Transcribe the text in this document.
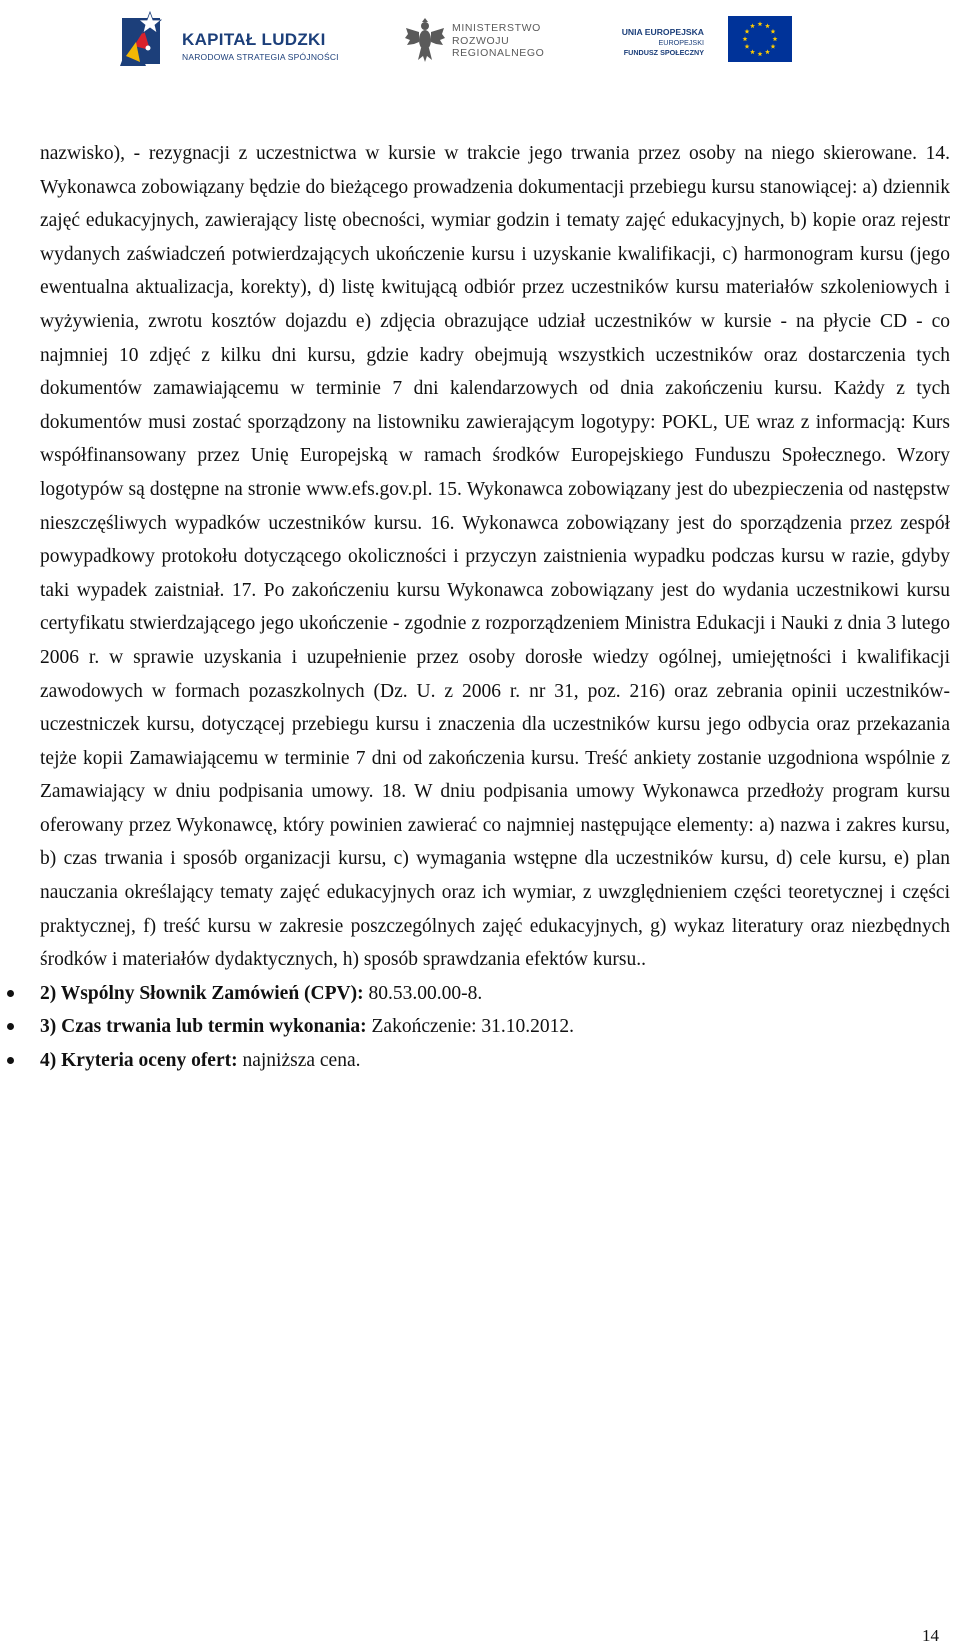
KAPITAŁ LUDZKI
NARODOWA STRATEGIA SPÓJNOŚCI
MINISTERSTWO
ROZWOJU
REGIONALNEGO
UNIA EUROPEJSKA
EUROPEJSKI
FUNDUSZ SPOŁECZNY

nazwisko), - rezygnacji z uczestnictwa w kursie w trakcie jego trwania przez osoby na niego skierowane. 14. Wykonawca zobowiązany będzie do bieżącego prowadzenia dokumentacji przebiegu kursu stanowiącej: a) dziennik zajęć edukacyjnych, zawierający listę obecności, wymiar godzin i tematy zajęć edukacyjnych, b) kopie oraz rejestr wydanych zaświadczeń potwierdzających ukończenie kursu i uzyskanie kwalifikacji, c) harmonogram kursu (jego ewentualna aktualizacja, korekty), d) listę kwitującą odbiór przez uczestników kursu materiałów szkoleniowych i wyżywienia, zwrotu kosztów dojazdu e) zdjęcia obrazujące udział uczestników w kursie - na płycie CD - co najmniej 10 zdjęć z kilku dni kursu, gdzie kadry obejmują wszystkich uczestników oraz dostarczenia tych dokumentów zamawiającemu w terminie 7 dni kalendarzowych od dnia zakończeniu kursu. Każdy z tych dokumentów musi zostać sporządzony na listowniku zawierającym logotypy: POKL, UE wraz z informacją: Kurs współfinansowany przez Unię Europejską w ramach środków Europejskiego Funduszu Społecznego. Wzory logotypów są dostępne na stronie www.efs.gov.pl. 15. Wykonawca zobowiązany jest do ubezpieczenia od następstw nieszczęśliwych wypadków uczestników kursu. 16. Wykonawca zobowiązany jest do sporządzenia przez zespół powypadkowy protokołu dotyczącego okoliczności i przyczyn zaistnienia wypadku podczas kursu w razie, gdyby taki wypadek zaistniał. 17. Po zakończeniu kursu Wykonawca zobowiązany jest do wydania uczestnikowi kursu certyfikatu stwierdzającego jego ukończenie - zgodnie z rozporządzeniem Ministra Edukacji i Nauki z dnia 3 lutego 2006 r. w sprawie uzyskania i uzupełnienie przez osoby dorosłe wiedzy ogólnej, umiejętności i kwalifikacji zawodowych w formach pozaszkolnych (Dz. U. z 2006 r. nr 31, poz. 216) oraz zebrania opinii uczestników- uczestniczek kursu, dotyczącej przebiegu kursu i znaczenia dla uczestników kursu jego odbycia oraz przekazania tejże kopii Zamawiającemu w terminie 7 dni od zakończenia kursu. Treść ankiety zostanie uzgodniona wspólnie z Zamawiający w dniu podpisania umowy. 18. W dniu podpisania umowy Wykonawca przedłoży program kursu oferowany przez Wykonawcę, który powinien zawierać co najmniej następujące elementy: a) nazwa i zakres kursu, b) czas trwania i sposób organizacji kursu, c) wymagania wstępne dla uczestników kursu, d) cele kursu, e) plan nauczania określający tematy zajęć edukacyjnych oraz ich wymiar, z uwzględnieniem części teoretycznej i części praktycznej, f) treść kursu w zakresie poszczególnych zajęć edukacyjnych, g) wykaz literatury oraz niezbędnych środków i materiałów dydaktycznych, h) sposób sprawdzania efektów kursu..

2) Wspólny Słownik Zamówień (CPV): 80.53.00.00-8.
3) Czas trwania lub termin wykonania: Zakończenie: 31.10.2012.
4) Kryteria oceny ofert: najniższa cena.
14
